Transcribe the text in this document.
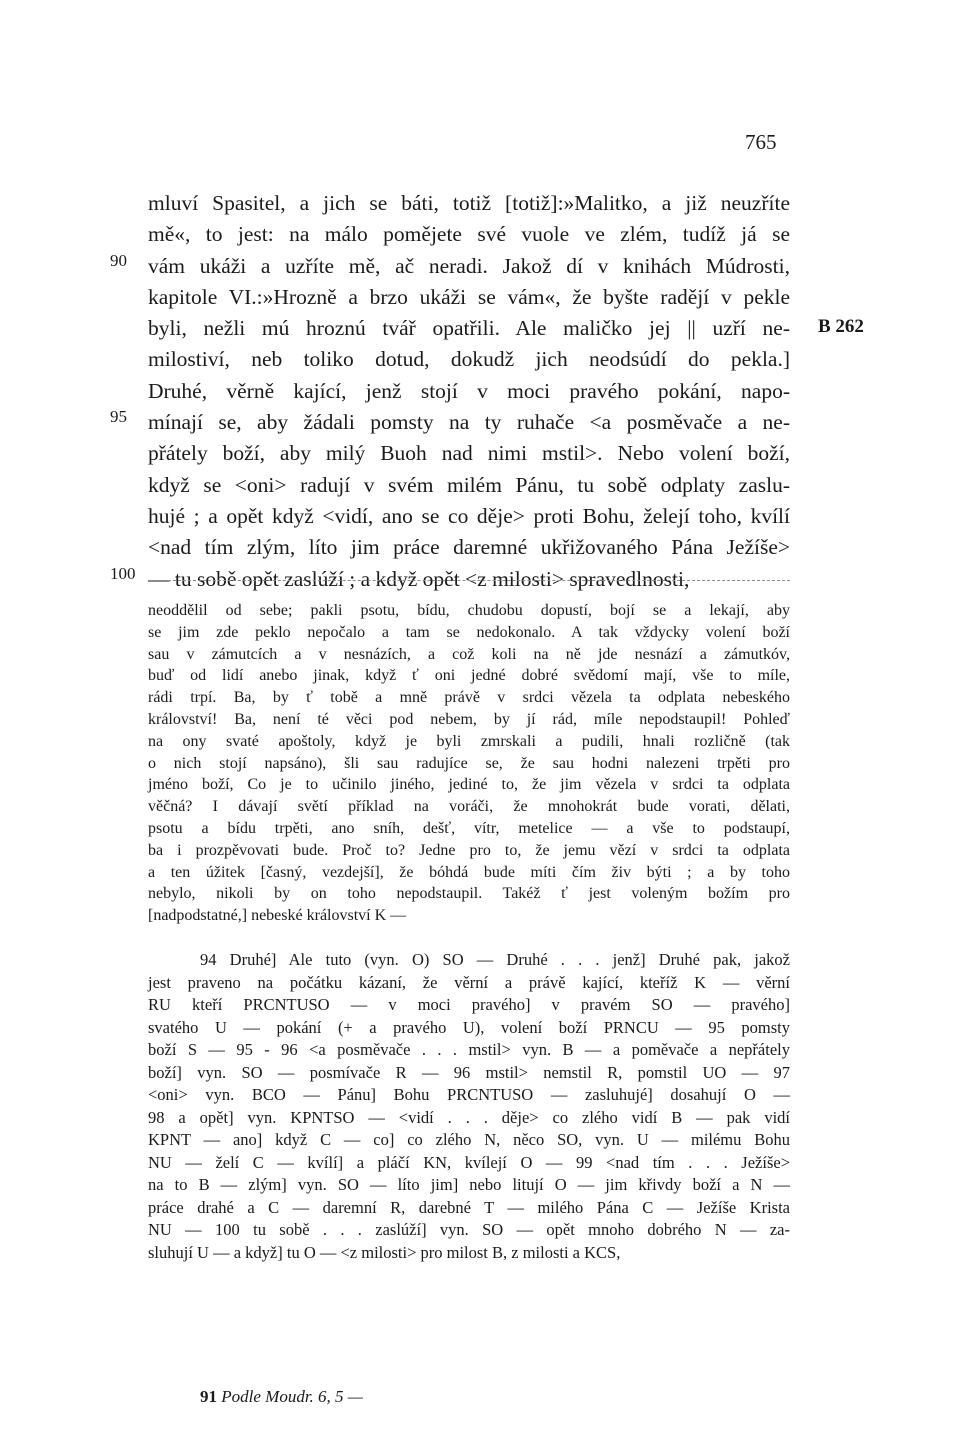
765
mluví Spasitel, a jich se báti, totiž [totiž]:»Malitko, a již neuzříte
mě«, to jest: na málo pomějete své vuole ve zlém, tudíž já se
vám ukáži a uzříte mě, ač neradi. Jakož dí v knihách Múdrosti,
90
kapitole VI.:»Hrozně a brzo ukáži se vám«, že byšte radějí v pekle
byli, nežli mú hroznú tvář opatřili. Ale maličko jej || uzří ne-
milostiví, neb toliko dotud, dokudž jich neodsúdí do pekla.]
Druhé, věrně kající, jenž stojí v moci pravého pokání, napo-
mínají se, aby žádali pomsty na ty ruhače <a posměvače a ne-
95
přátely boží, aby milý Buoh nad nimi mstil>. Nebo volení boží,
když se <oni> radují v svém milém Pánu, tu sobě odplaty zaslu-
hujé ; a opět když <vidí, ano se co děje> proti Bohu, želejí toho, kvílí
<nad tím zlým, líto jim práce daremné ukřižovaného Pána Ježíše>
— tu sobě opět zaslúží ; a když opět <z milosti> spravedlnosti,
100
B 262
neoddělil od sebe; pakli psotu, bídu, chudobu dopustí, bojí se a lekají, aby
se jim zde peklo nepočalo a tam se nedokonalo. A tak vždycky volení boží
sau v zámutcích a v nesnázích, a což koli na ně jde nesnází a zámutkóv,
buď od lidí anebo jinak, když ť oni jedné dobré svědomí mají, vše to míle,
rádi trpí. Ba, by ť tobě a mně právě v srdci vězela ta odplata nebeského
království! Ba, není té věci pod nebem, by jí rád, míle nepodstaupil! Pohleď
na ony svaté apoštoly, když je byli zmrskali a pudili, hnali rozličně (tak
o nich stojí napsáno), šli sau radujíce se, že sau hodni nalezeni trpěti pro
jméno boží, Co je to učinilo jiného, jediné to, že jim vězela v srdci ta odplata
věčná? I dávají světí příklad na voráči, že mnohokrát bude vorati, dělati,
psotu a bídu trpěti, ano sníh, dešť, vítr, metelice — a vše to podstaupí,
ba i prozpěvovati bude. Proč to? Jedne pro to, že jemu vězí v srdci ta odplata
a ten úžitek [časný, vezdejší], že bóhdá bude míti čím živ býti ; a by toho
nebylo, nikoli by on toho nepodstaupil. Takéž ť jest voleným božím pro
[nadpodstatné,] nebeské království K —
94 Druhé] Ale tuto (vyn. O) SO — Druhé . . . jenž] Druhé pak, jakož
jest praveno na počátku kázaní, že věrní a právě kající, kteříž K — věrní
RU kteří PRCNTUSO — v moci pravého] v pravém SO — pravého]
svatého U — pokání (+ a pravého U), volení boží PRNCU — 95 pomsty
boží S — 95 - 96 <a posměvače . . . mstil> vyn. B — a poměvače a nepřátely
boží] vyn. SO — posmívače R — 96 mstil> nemstil R, pomstil UO — 97
<oni> vyn. BCO — Pánu] Bohu PRCNTUSO — zasluhujé] dosahují O —
98 a opět] vyn. KPNTSO — <vidí . . . děje> co zlého vidí B — pak vidí
KPNT — ano] když C — co] co zlého N, něco SO, vyn. U — milému Bohu
NU — želí C — kvílí] a pláčí KN, kvílejí O — 99 <nad tím . . . Ježíše>
na to B — zlým] vyn. SO — líto jim] nebo litují O — jim křivdy boží a N —
práce drahé a C — daremní R, darebné T — milého Pána C — Ježíše Krista
NU — 100 tu sobě . . . zaslúží] vyn. SO — opět mnoho dobrého N — za-
sluhují U — a když] tu O — <z milosti> pro milost B, z milosti a KCS,
91 Podle Moudr. 6, 5 —
